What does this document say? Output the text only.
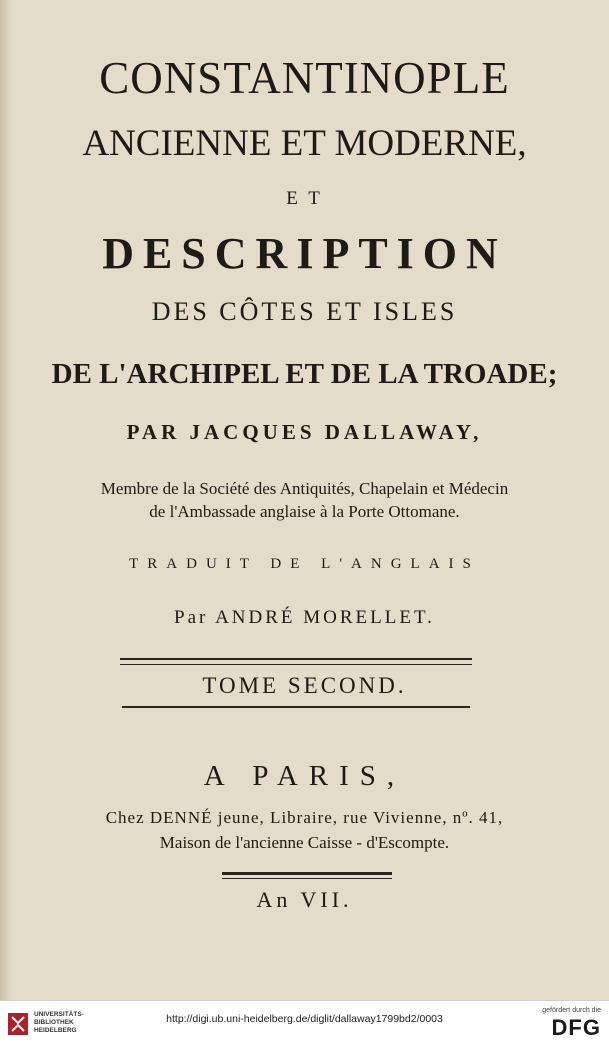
CONSTANTINOPLE
ANCIENNE ET MODERNE,
E T
DESCRIPTION
DES CÔTES ET ISLES
DE L'ARCHIPEL ET DE LA TROADE;
PAR JACQUES DALLAWAY,
Membre de la Société des Antiquités, Chapelain et Médecin
de l'Ambassade anglaise à la Porte Ottomane.
TRADUIT DE L'ANGLAIS
Par ANDRÉ MORELLET.
TOME SECOND.
A PARIS,
Chez DENNÉ jeune, Libraire, rue Vivienne, nº. 41,
Maison de l'ancienne Caisse - d'Escompte.
An VII.
UNIVERSITÄTS- BIBLIOTHEK HEIDELBERG
http://digi.ub.uni-heidelberg.de/diglit/dallaway1799bd2/0003
gefördert durch die
DFG
